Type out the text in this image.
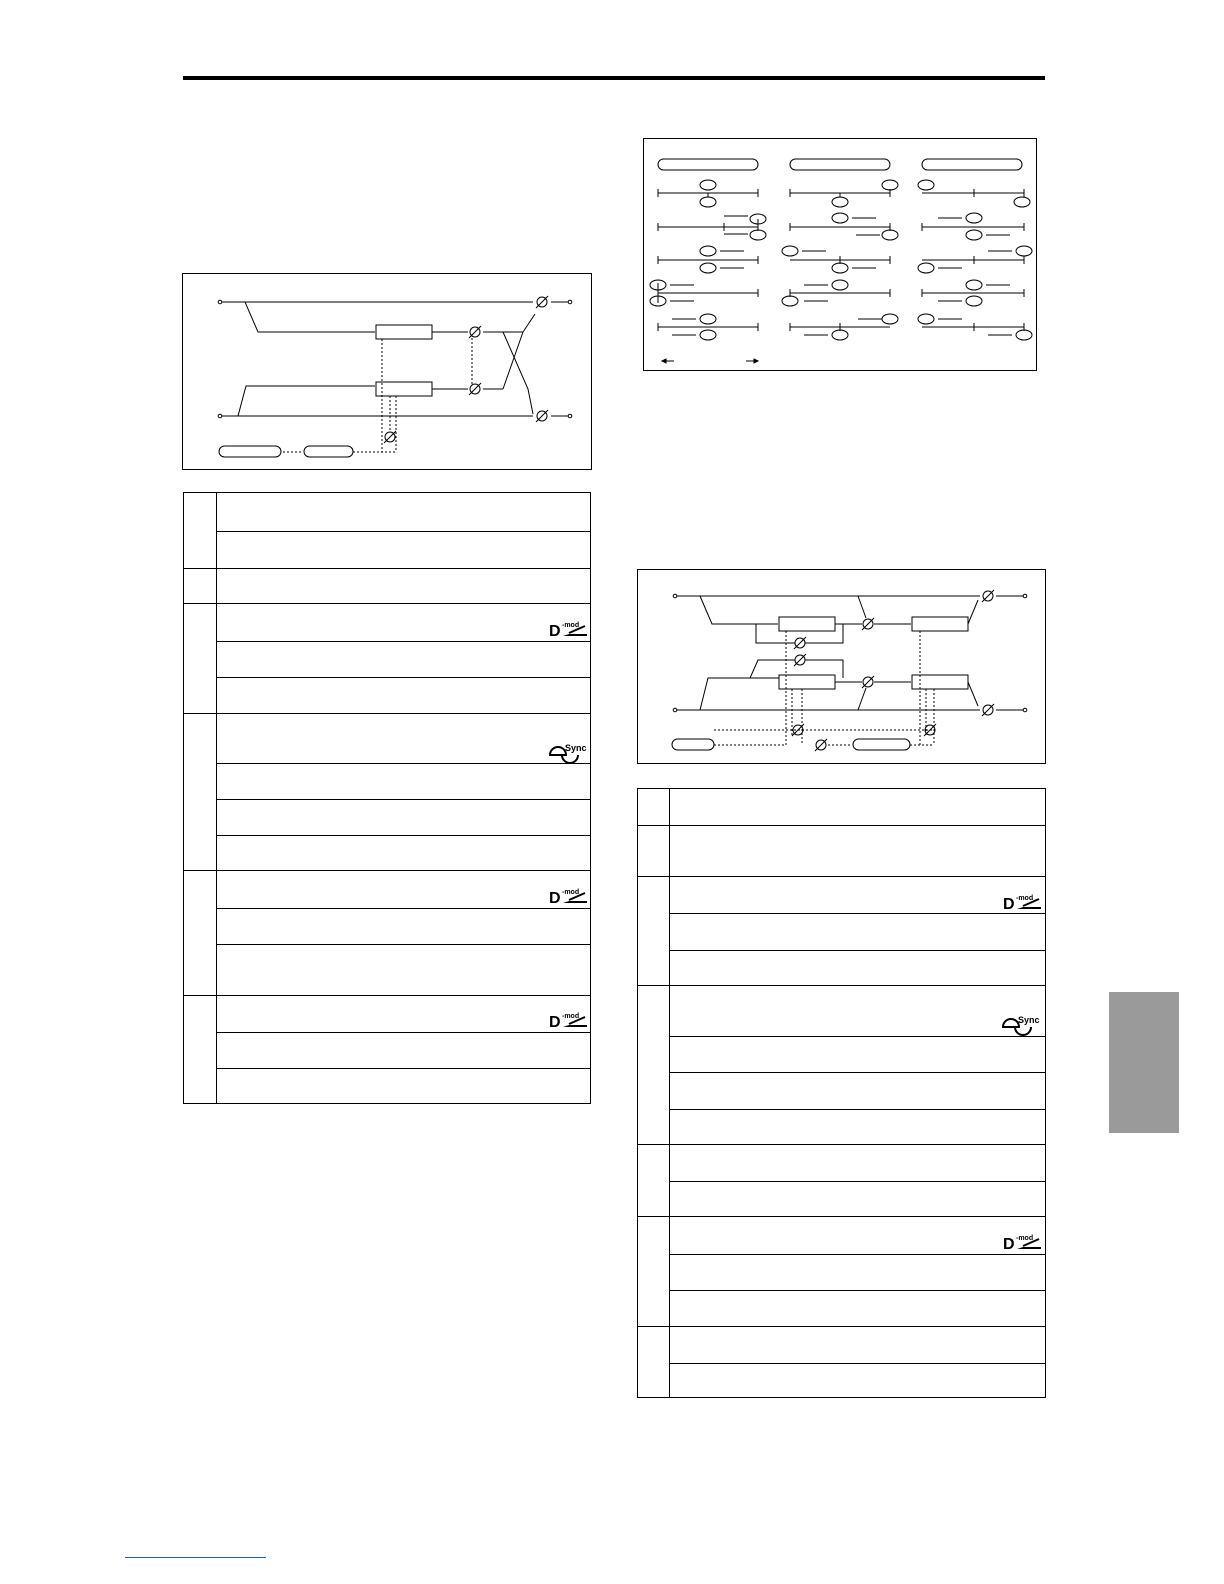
D -mod
Sync
D -mod
D -mod
D -mod
Sync
D -mod
